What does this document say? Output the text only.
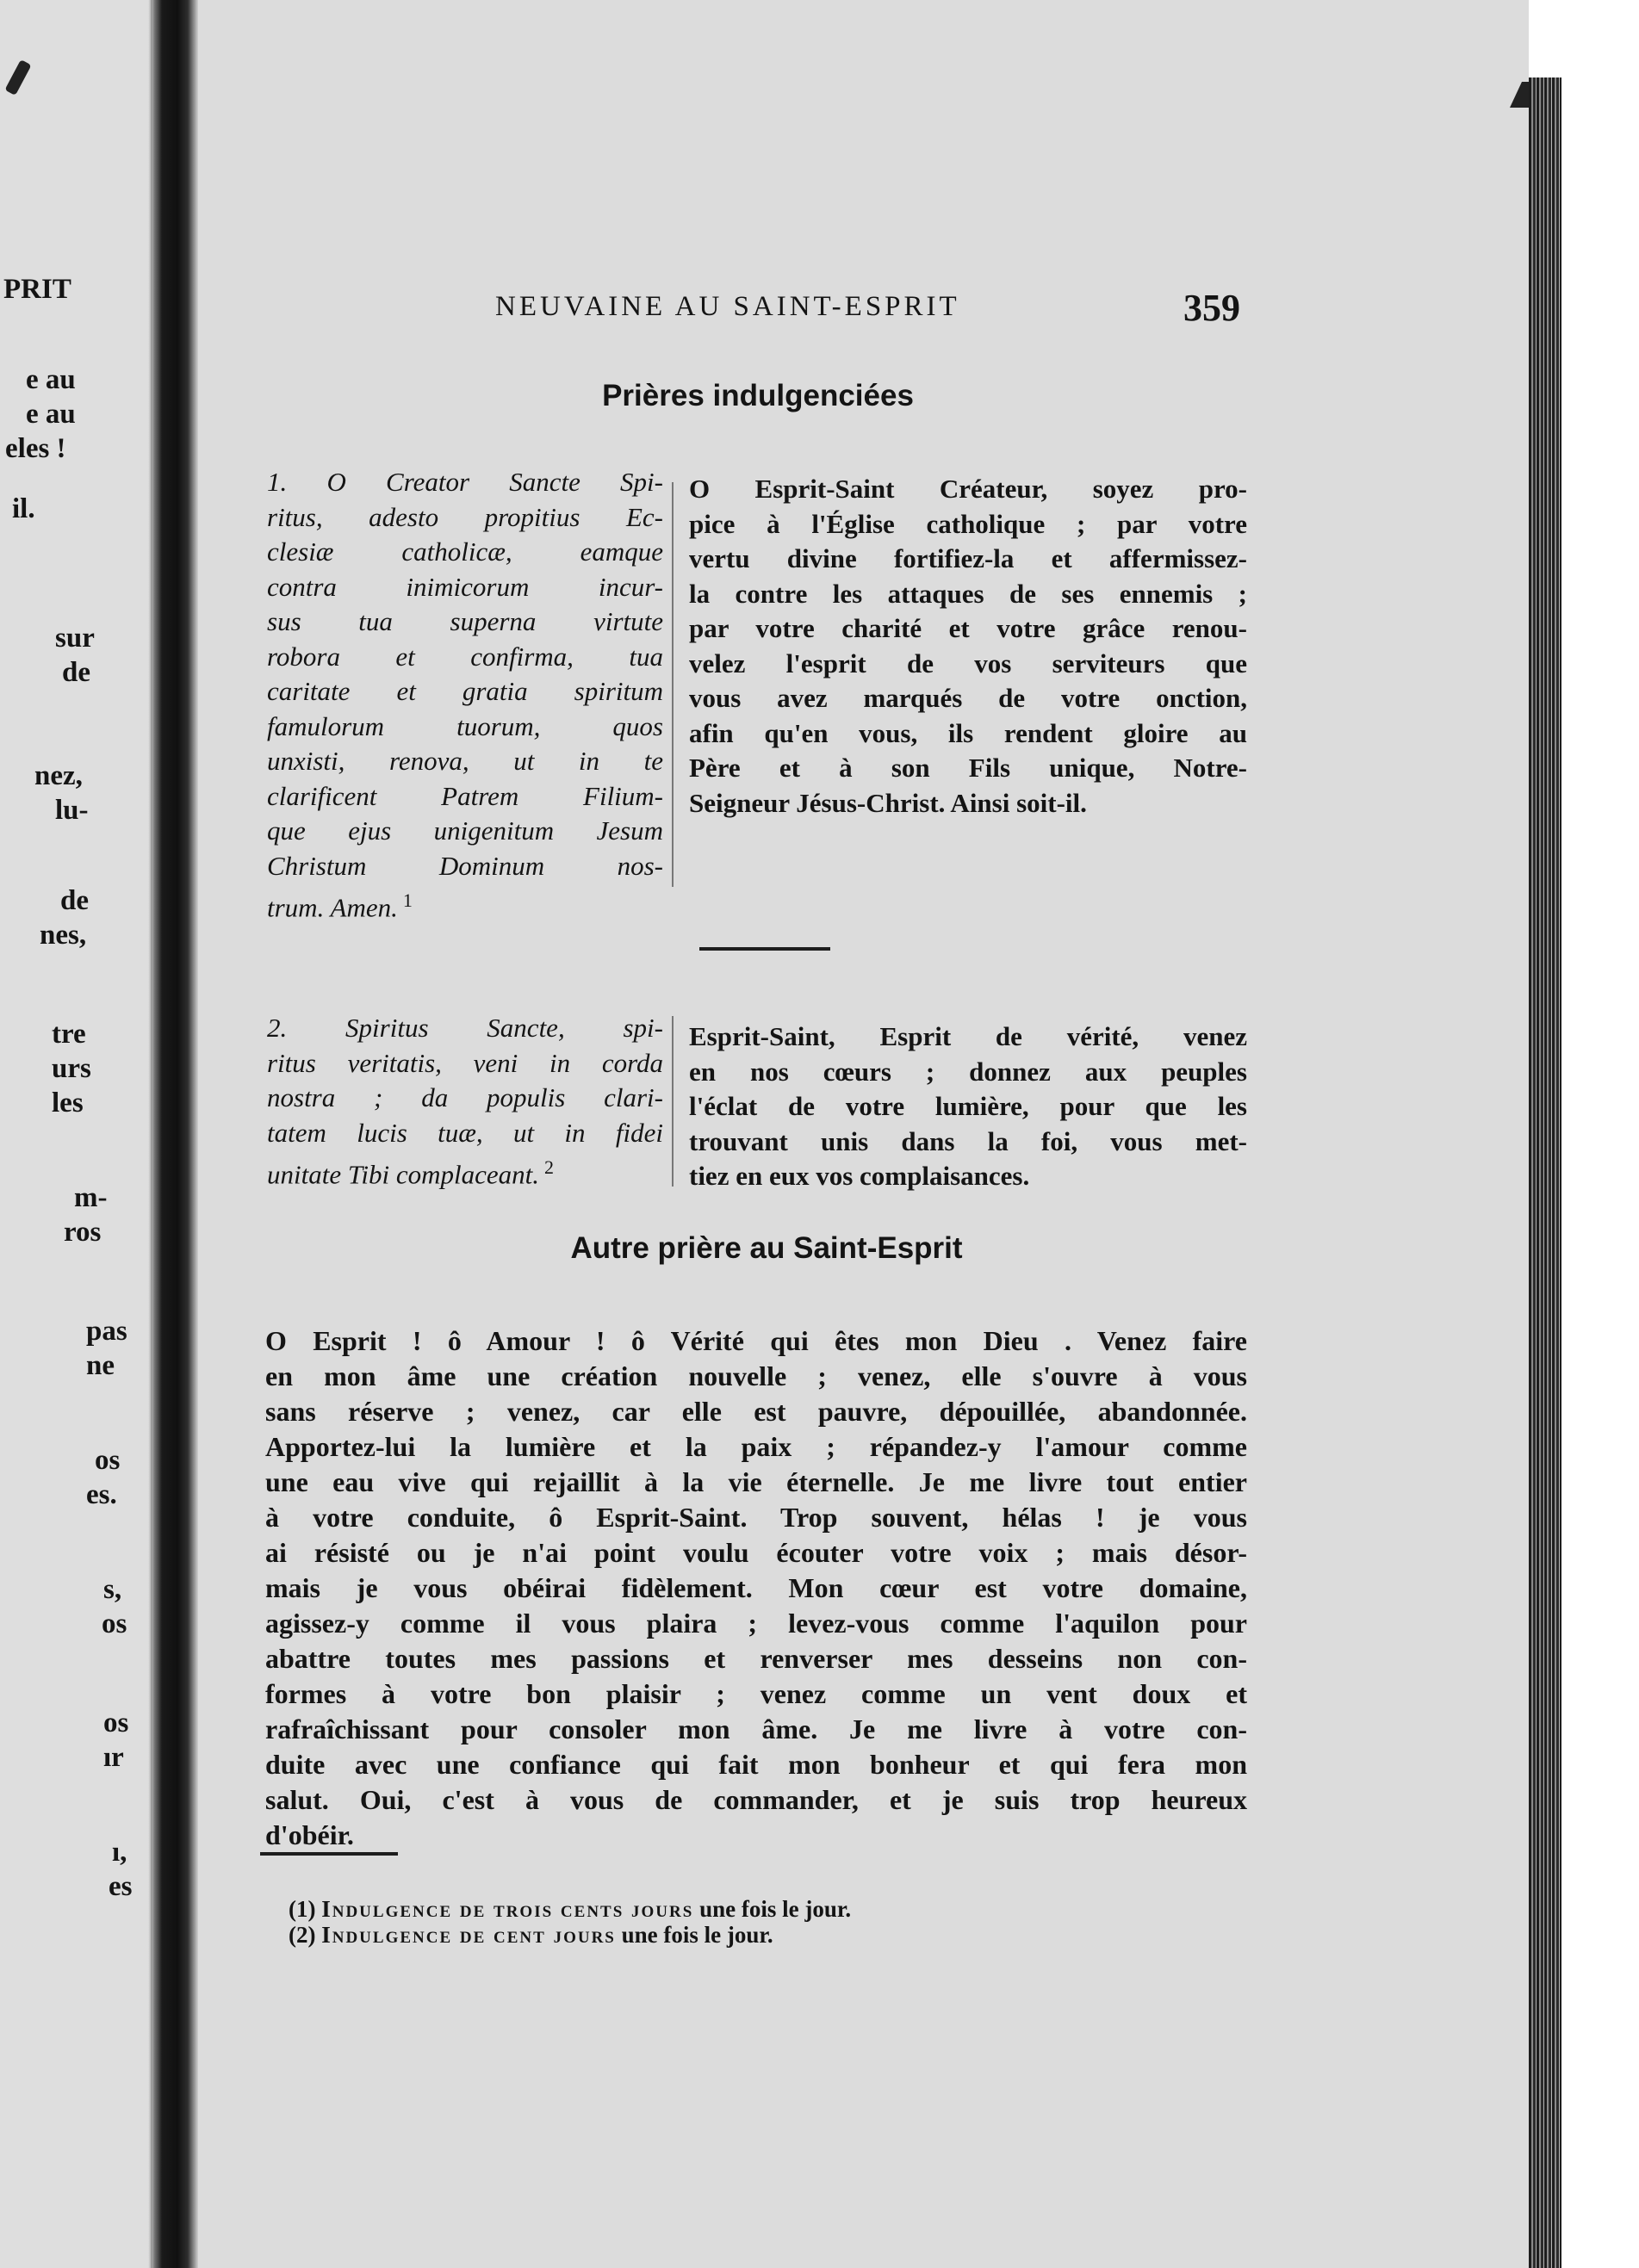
PRIT
e au
e au
eles !
il.
sur
de
nez,
lu-
de
nes,
tre
urs
les
m-
ros
pas
ne
os
es.
s,
os
os
ır
ı,
es
NEUVAINE AU SAINT-ESPRIT	359
Prières indulgenciées
1. O Creator Sancte Spi-
ritus, adesto propitius Ec-
clesiæ catholicæ, eamque
contra inimicorum incur-
sus tua superna virtute
robora et confirma, tua
caritate et gratia spiritum
famulorum tuorum, quos
unxisti, renova, ut in te
clarificent Patrem Filium-
que ejus unigenitum Jesum
Christum Dominum nos-
trum. Amen. $^1$
O Esprit-Saint Créateur, soyez pro-
pice à l'Église catholique ; par votre
vertu divine fortifiez-la et affermissez-
la contre les attaques de ses ennemis ;
par votre charité et votre grâce renou-
velez l'esprit de vos serviteurs que
vous avez marqués de votre onction,
afin qu'en vous, ils rendent gloire au
Père et à son Fils unique, Notre-
Seigneur Jésus-Christ. Ainsi soit-il.
2. Spiritus Sancte, spi-
ritus veritatis, veni in corda
nostra ; da populis clari-
tatem lucis tuæ, ut in fidei
unitate Tibi complaceant. $^2$
Esprit-Saint, Esprit de vérité, venez
en nos cœurs ; donnez aux peuples
l'éclat de votre lumière, pour que les
trouvant unis dans la foi, vous met-
tiez en eux vos complaisances.
Autre prière au Saint-Esprit
O Esprit ! ô Amour ! ô Vérité qui êtes mon Dieu . Venez faire
en mon âme une création nouvelle ; venez, elle s'ouvre à vous
sans réserve ; venez, car elle est pauvre, dépouillée, abandonnée.
Apportez-lui la lumière et la paix ; répandez-y l'amour comme
une eau vive qui rejaillit à la vie éternelle. Je me livre tout entier
à votre conduite, ô Esprit-Saint. Trop souvent, hélas ! je vous
ai résisté ou je n'ai point voulu écouter votre voix ; mais désor-
mais je vous obéirai fidèlement. Mon cœur est votre domaine,
agissez-y comme il vous plaira ; levez-vous comme l'aquilon pour
abattre toutes mes passions et renverser mes desseins non con-
formes à votre bon plaisir ; venez comme un vent doux et
rafraîchissant pour consoler mon âme. Je me livre à votre con-
duite avec une confiance qui fait mon bonheur et qui fera mon
salut. Oui, c'est à vous de commander, et je suis trop heureux
d'obéir.
(1) Indulgence de trois cents jours une fois le jour.
(2) Indulgence de cent jours une fois le jour.
